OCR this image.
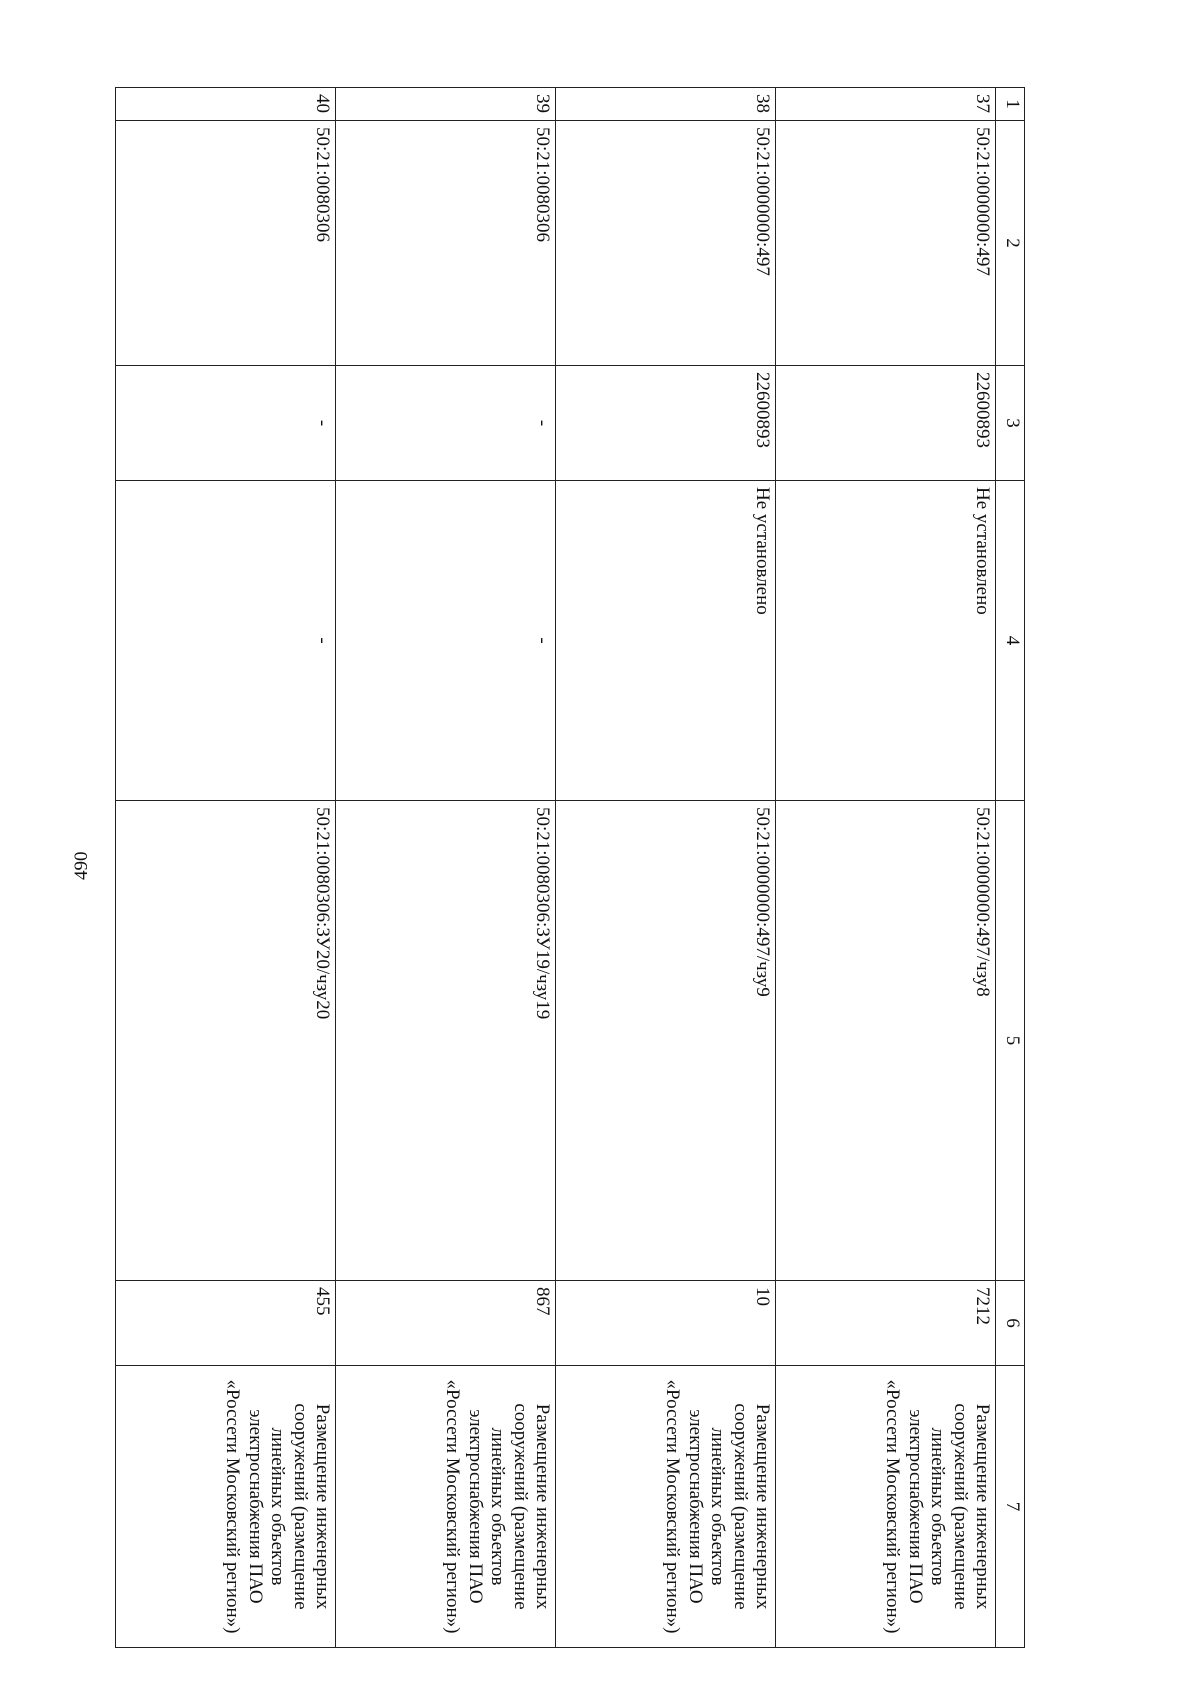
490
1	2	3	4	5	6	7
37	50:21:0000000:497	22600893	Не установлено	50:21:0000000:497/чзу8	7212	Размещение инженерных сооружений (размещение линейных объектов электроснабжения ПАО «Россети Московский регион»)
38	50:21:0000000:497	22600893	Не установлено	50:21:0000000:497/чзу9	10	Размещение инженерных сооружений (размещение линейных объектов электроснабжения ПАО «Россети Московский регион»)
39	50:21:0080306	-	-	50:21:0080306:ЗУ19/чзу19	867	Размещение инженерных сооружений (размещение линейных объектов электроснабжения ПАО «Россети Московский регион»)
40	50:21:0080306	-	-	50:21:0080306:ЗУ20/чзу20	455	Размещение инженерных сооружений (размещение линейных объектов электроснабжения ПАО «Россети Московский регион»)
